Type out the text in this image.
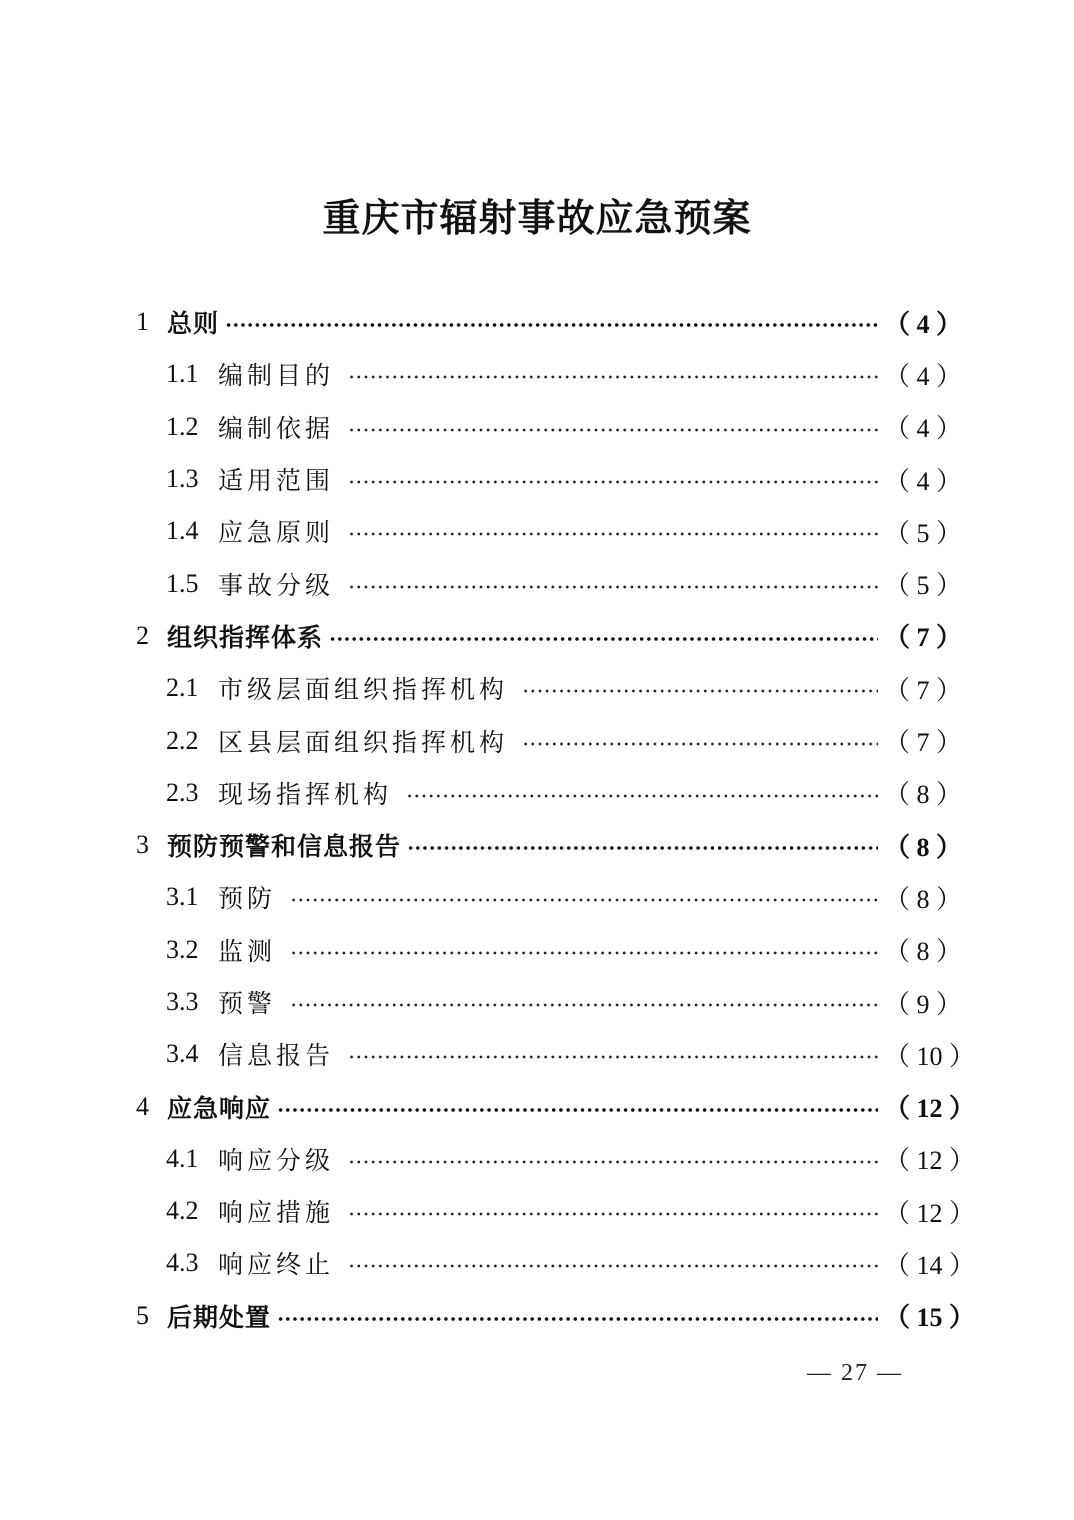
重庆市辐射事故应急预案
1 总则	（ 4 ）
1.1 编制目的	（ 4 ）
1.2 编制依据	（ 4 ）
1.3 适用范围	（ 4 ）
1.4 应急原则	（ 5 ）
1.5 事故分级	（ 5 ）
2 组织指挥体系	（ 7 ）
2.1 市级层面组织指挥机构	（ 7 ）
2.2 区县层面组织指挥机构	（ 7 ）
2.3 现场指挥机构	（ 8 ）
3 预防预警和信息报告	（ 8 ）
3.1 预防	（ 8 ）
3.2 监测	（ 8 ）
3.3 预警	（ 9 ）
3.4 信息报告	（ 10 ）
4 应急响应	（ 12 ）
4.1 响应分级	（ 12 ）
4.2 响应措施	（ 12 ）
4.3 响应终止	（ 14 ）
5 后期处置	（ 15 ）
— 27 —
